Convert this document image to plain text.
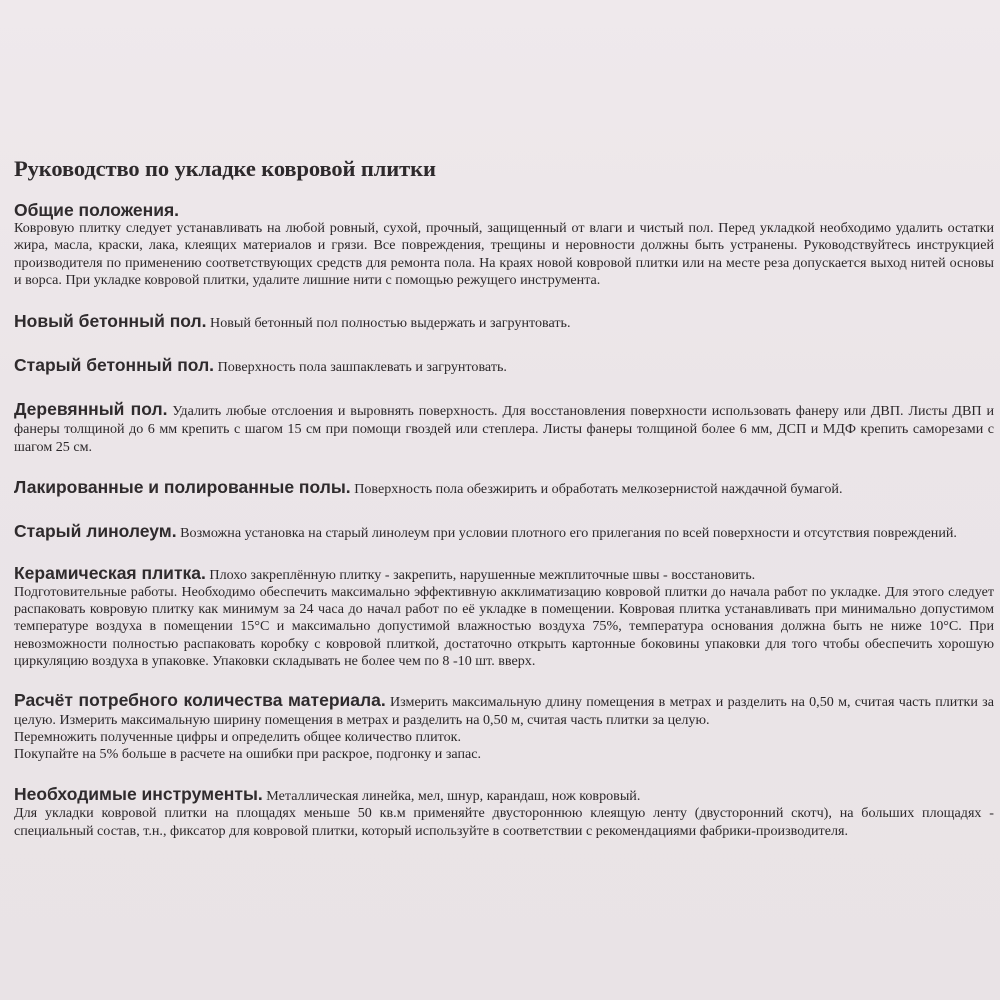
Руководство по укладке ковровой плитки
Общие положения.

Ковровую плитку следует устанавливать на любой ровный, сухой, прочный, защищенный от влаги и чистый пол. Перед укладкой необходимо удалить остатки жира, масла, краски, лака, клеящих материалов и грязи. Все повреждения, трещины и неровности должны быть устранены. Руководствуйтесь инструкцией производителя по применению соответствующих средств для ремонта пола. На краях новой ковровой плитки или на месте реза допускается выход нитей основы и ворса. При укладке ковровой плитки, удалите лишние нити с помощью режущего инструмента.

Новый бетонный пол. Новый бетонный пол полностью выдержать и загрунтовать.

Старый бетонный пол. Поверхность пола зашпаклевать и загрунтовать.

Деревянный пол. Удалить любые отслоения и выровнять поверхность. Для восстановления поверхности использовать фанеру или ДВП. Листы ДВП и фанеры толщиной до 6 мм крепить с шагом 15 см при помощи гвоздей или степлера. Листы фанеры толщиной более 6 мм, ДСП и МДФ крепить саморезами с шагом 25 см.

Лакированные и полированные полы. Поверхность пола обезжирить и обработать мелкозернистой наждачной бумагой.

Старый линолеум. Возможна установка на старый линолеум при условии плотного его прилегания по всей поверхности и отсутствия повреждений.

Керамическая плитка. Плохо закреплённую плитку - закрепить, нарушенные межплиточные швы - восстановить.

Подготовительные работы. Необходимо обеспечить максимально эффективную акклиматизацию ковровой плитки до начала работ по укладке. Для этого следует распаковать ковровую плитку как минимум за 24 часа до начал работ по её укладке в помещении. Ковровая плитка устанавливать при минимально допустимом температуре воздуха в помещении 15°С и максимально допустимой влажностью воздуха 75%, температура основания должна быть не ниже 10°С. При невозможности полностью распаковать коробку с ковровой плиткой, достаточно открыть картонные боковины упаковки для того чтобы обеспечить хорошую циркуляцию воздуха в упаковке. Упаковки складывать не более чем по 8 -10 шт. вверх.

Расчёт потребного количества материала. Измерить максимальную длину помещения в метрах и разделить на 0,50 м, считая часть плитки за целую. Измерить максимальную ширину помещения в метрах и разделить на 0,50 м, считая часть плитки за целую.

Перемножить полученные цифры и определить общее количество плиток.

Покупайте на 5% больше в расчете на ошибки при раскрое, подгонку и запас.

Необходимые инструменты. Металлическая линейка, мел, шнур, карандаш, нож ковровый.

Для укладки ковровой плитки на площадях меньше 50 кв.м применяйте двустороннюю клеящую ленту (двусторонний скотч), на больших площадях - специальный состав, т.н., фиксатор для ковровой плитки, который используйте в соответствии с рекомендациями фабрики-производителя.
